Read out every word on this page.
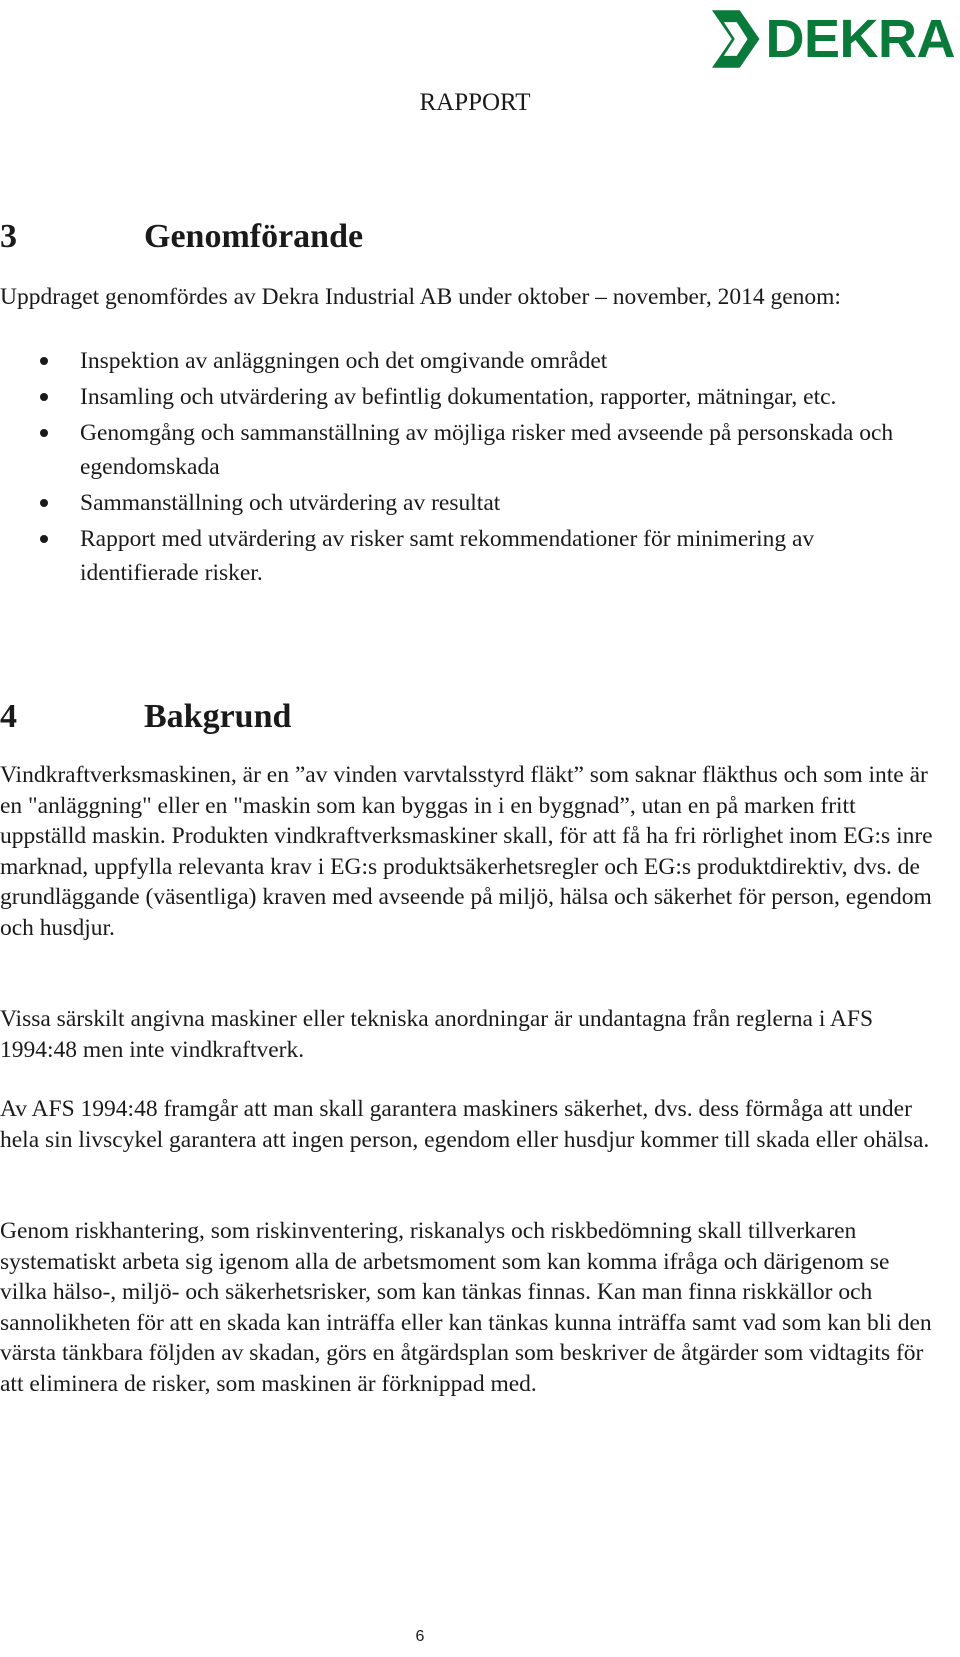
DEKRA
RAPPORT
3	Genomförande

Uppdraget genomfördes av Dekra Industrial AB under oktober – november, 2014 genom:

Inspektion av anläggningen och det omgivande området
Insamling och utvärdering av befintlig dokumentation, rapporter, mätningar, etc.
Genomgång och sammanställning av möjliga risker med avseende på personskada och egendomskada
Sammanställning och utvärdering av resultat
Rapport med utvärdering av risker samt rekommendationer för minimering av identifierade risker.
4	Bakgrund

Vindkraftverksmaskinen, är en ”av vinden varvtalsstyrd fläkt” som saknar fläkthus och som inte är en "anläggning" eller en "maskin som kan byggas in i en byggnad”, utan en på marken fritt uppställd maskin. Produkten vindkraftverksmaskiner skall, för att få ha fri rörlighet inom EG:s inre marknad, uppfylla relevanta krav i EG:s produktsäkerhetsregler och EG:s produktdirektiv, dvs. de grundläggande (väsentliga) kraven med avseende på miljö, hälsa och säkerhet för person, egendom och husdjur.

Vissa särskilt angivna maskiner eller tekniska anordningar är undantagna från reglerna i AFS 1994:48 men inte vindkraftverk.

Av AFS 1994:48 framgår att man skall garantera maskiners säkerhet, dvs. dess förmåga att under hela sin livscykel garantera att ingen person, egendom eller husdjur kommer till skada eller ohälsa.

Genom riskhantering, som riskinventering, riskanalys och riskbedömning skall tillverkaren systematiskt arbeta sig igenom alla de arbetsmoment som kan komma ifråga och därigenom se vilka hälso-, miljö- och säkerhetsrisker, som kan tänkas finnas. Kan man finna riskkällor och sannolikheten för att en skada kan inträffa eller kan tänkas kunna inträffa samt vad som kan bli den värsta tänkbara följden av skadan, görs en åtgärdsplan som beskriver de åtgärder som vidtagits för att eliminera de risker, som maskinen är förknippad med.

6
